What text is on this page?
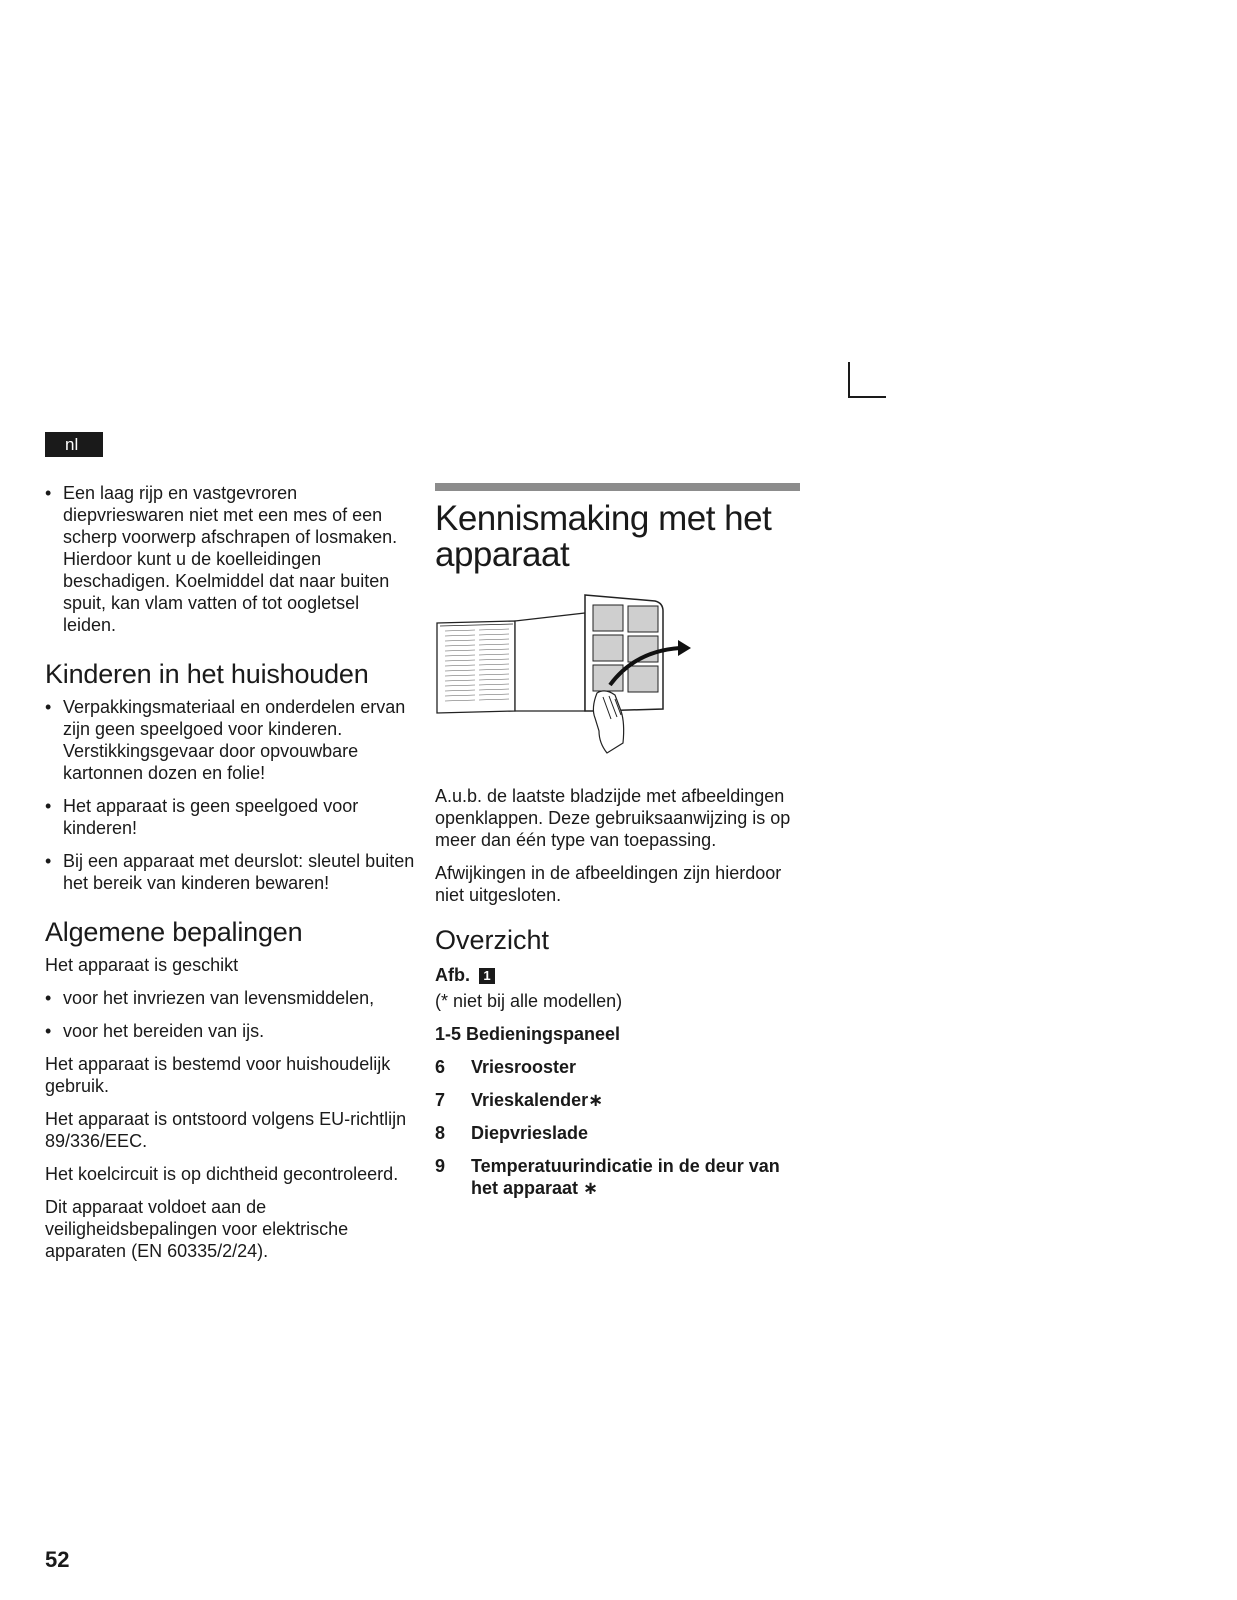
nl
• Een laag rijp en vastgevroren diepvrieswaren niet met een mes of een scherp voorwerp afschrapen of losmaken. Hierdoor kunt u de koelleidingen beschadigen. Koelmiddel dat naar buiten spuit, kan vlam vatten of tot oogletsel leiden.
Kinderen in het huishouden
• Verpakkingsmateriaal en onderdelen ervan zijn geen speelgoed voor kinderen. Verstikkingsgevaar door opvouwbare kartonnen dozen en folie!
• Het apparaat is geen speelgoed voor kinderen!
• Bij een apparaat met deurslot: sleutel buiten het bereik van kinderen bewaren!
Algemene bepalingen

Het apparaat is geschikt

• voor het invriezen van levensmiddelen,
• voor het bereiden van ijs.

Het apparaat is bestemd voor huishoudelijk gebruik.

Het apparaat is ontstoord volgens EU-richtlijn 89/336/EEC.

Het koelcircuit is op dichtheid gecontroleerd.

Dit apparaat voldoet aan de veiligheidsbepalingen voor elektrische apparaten (EN 60335/2/24).

Kennismaking met het apparaat

A.u.b. de laatste bladzijde met afbeeldingen openklappen. Deze gebruiksaanwijzing is op meer dan één type van toepassing.

Afwijkingen in de afbeeldingen zijn hierdoor niet uitgesloten.

Overzicht
Afb. 1

(* niet bij alle modellen)

1-5 Bedieningspaneel
6	Vriesrooster
7	Vrieskalender∗
8	Diepvrieslade
9	Temperatuurindicatie in de deur van het apparaat ∗
52
